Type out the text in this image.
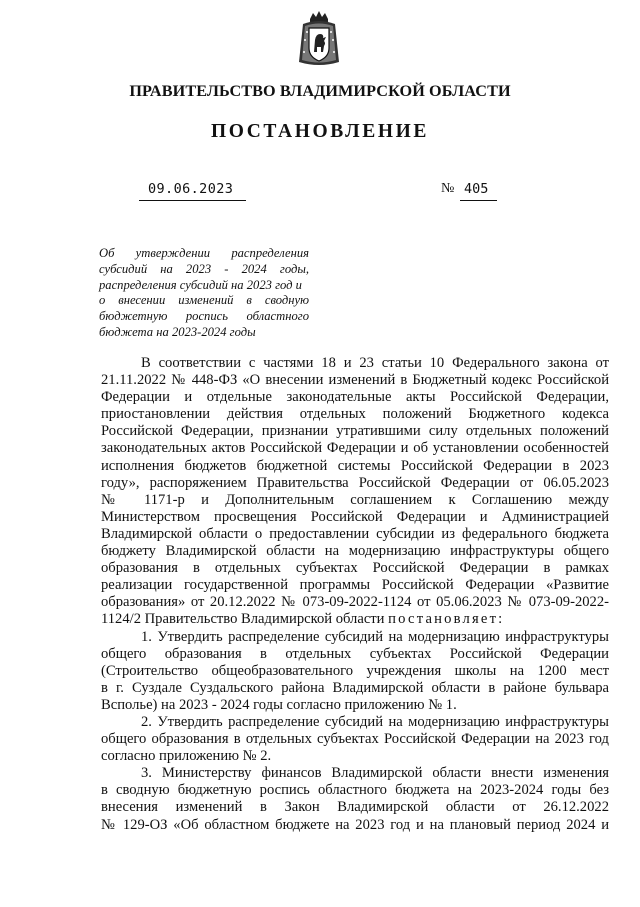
ПРАВИТЕЛЬСТВО ВЛАДИМИРСКОЙ ОБЛАСТИ
ПОСТАНОВЛЕНИЕ
09.06.2023	№ 405
Об утверждении распределения
субсидий на 2023 - 2024 годы,
распределения субсидий на 2023 год и
о внесении изменений в сводную
бюджетную роспись областного
бюджета на 2023-2024 годы
В соответствии с частями 18 и 23 статьи 10 Федерального закона от
21.11.2022 № 448-ФЗ «О внесении изменений в Бюджетный кодекс Российской
Федерации и отдельные законодательные акты Российской Федерации,
приостановлении действия отдельных положений Бюджетного кодекса
Российской Федерации, признании утратившими силу отдельных положений
законодательных актов Российской Федерации и об установлении особенностей
исполнения бюджетов бюджетной системы Российской Федерации в 2023
году», распоряжением Правительства Российской Федерации от 06.05.2023
№ 1171-р и Дополнительным соглашением к Соглашению между
Министерством просвещения Российской Федерации и Администрацией
Владимирской области о предоставлении субсидии из федерального бюджета
бюджету Владимирской области на модернизацию инфраструктуры общего
образования в отдельных субъектах Российской Федерации в рамках
реализации государственной программы Российской Федерации «Развитие
образования» от 20.12.2022 № 073-09-2022-1124 от 05.06.2023 № 073-09-2022-
1124/2 Правительство Владимирской области постановляет:
1. Утвердить распределение субсидий на модернизацию инфраструктуры
общего образования в отдельных субъектах Российской Федерации
(Строительство общеобразовательного учреждения школы на 1200 мест
в г. Суздале Суздальского района Владимирской области в районе бульвара
Всполье) на 2023 - 2024 годы согласно приложению № 1.
2. Утвердить распределение субсидий на модернизацию инфраструктуры
общего образования в отдельных субъектах Российской Федерации на 2023 год
согласно приложению № 2.
3. Министерству финансов Владимирской области внести изменения
в сводную бюджетную роспись областного бюджета на 2023-2024 годы без
внесения изменений в Закон Владимирской области от 26.12.2022
№ 129-ОЗ «Об областном бюджете на 2023 год и на плановый период 2024 и
